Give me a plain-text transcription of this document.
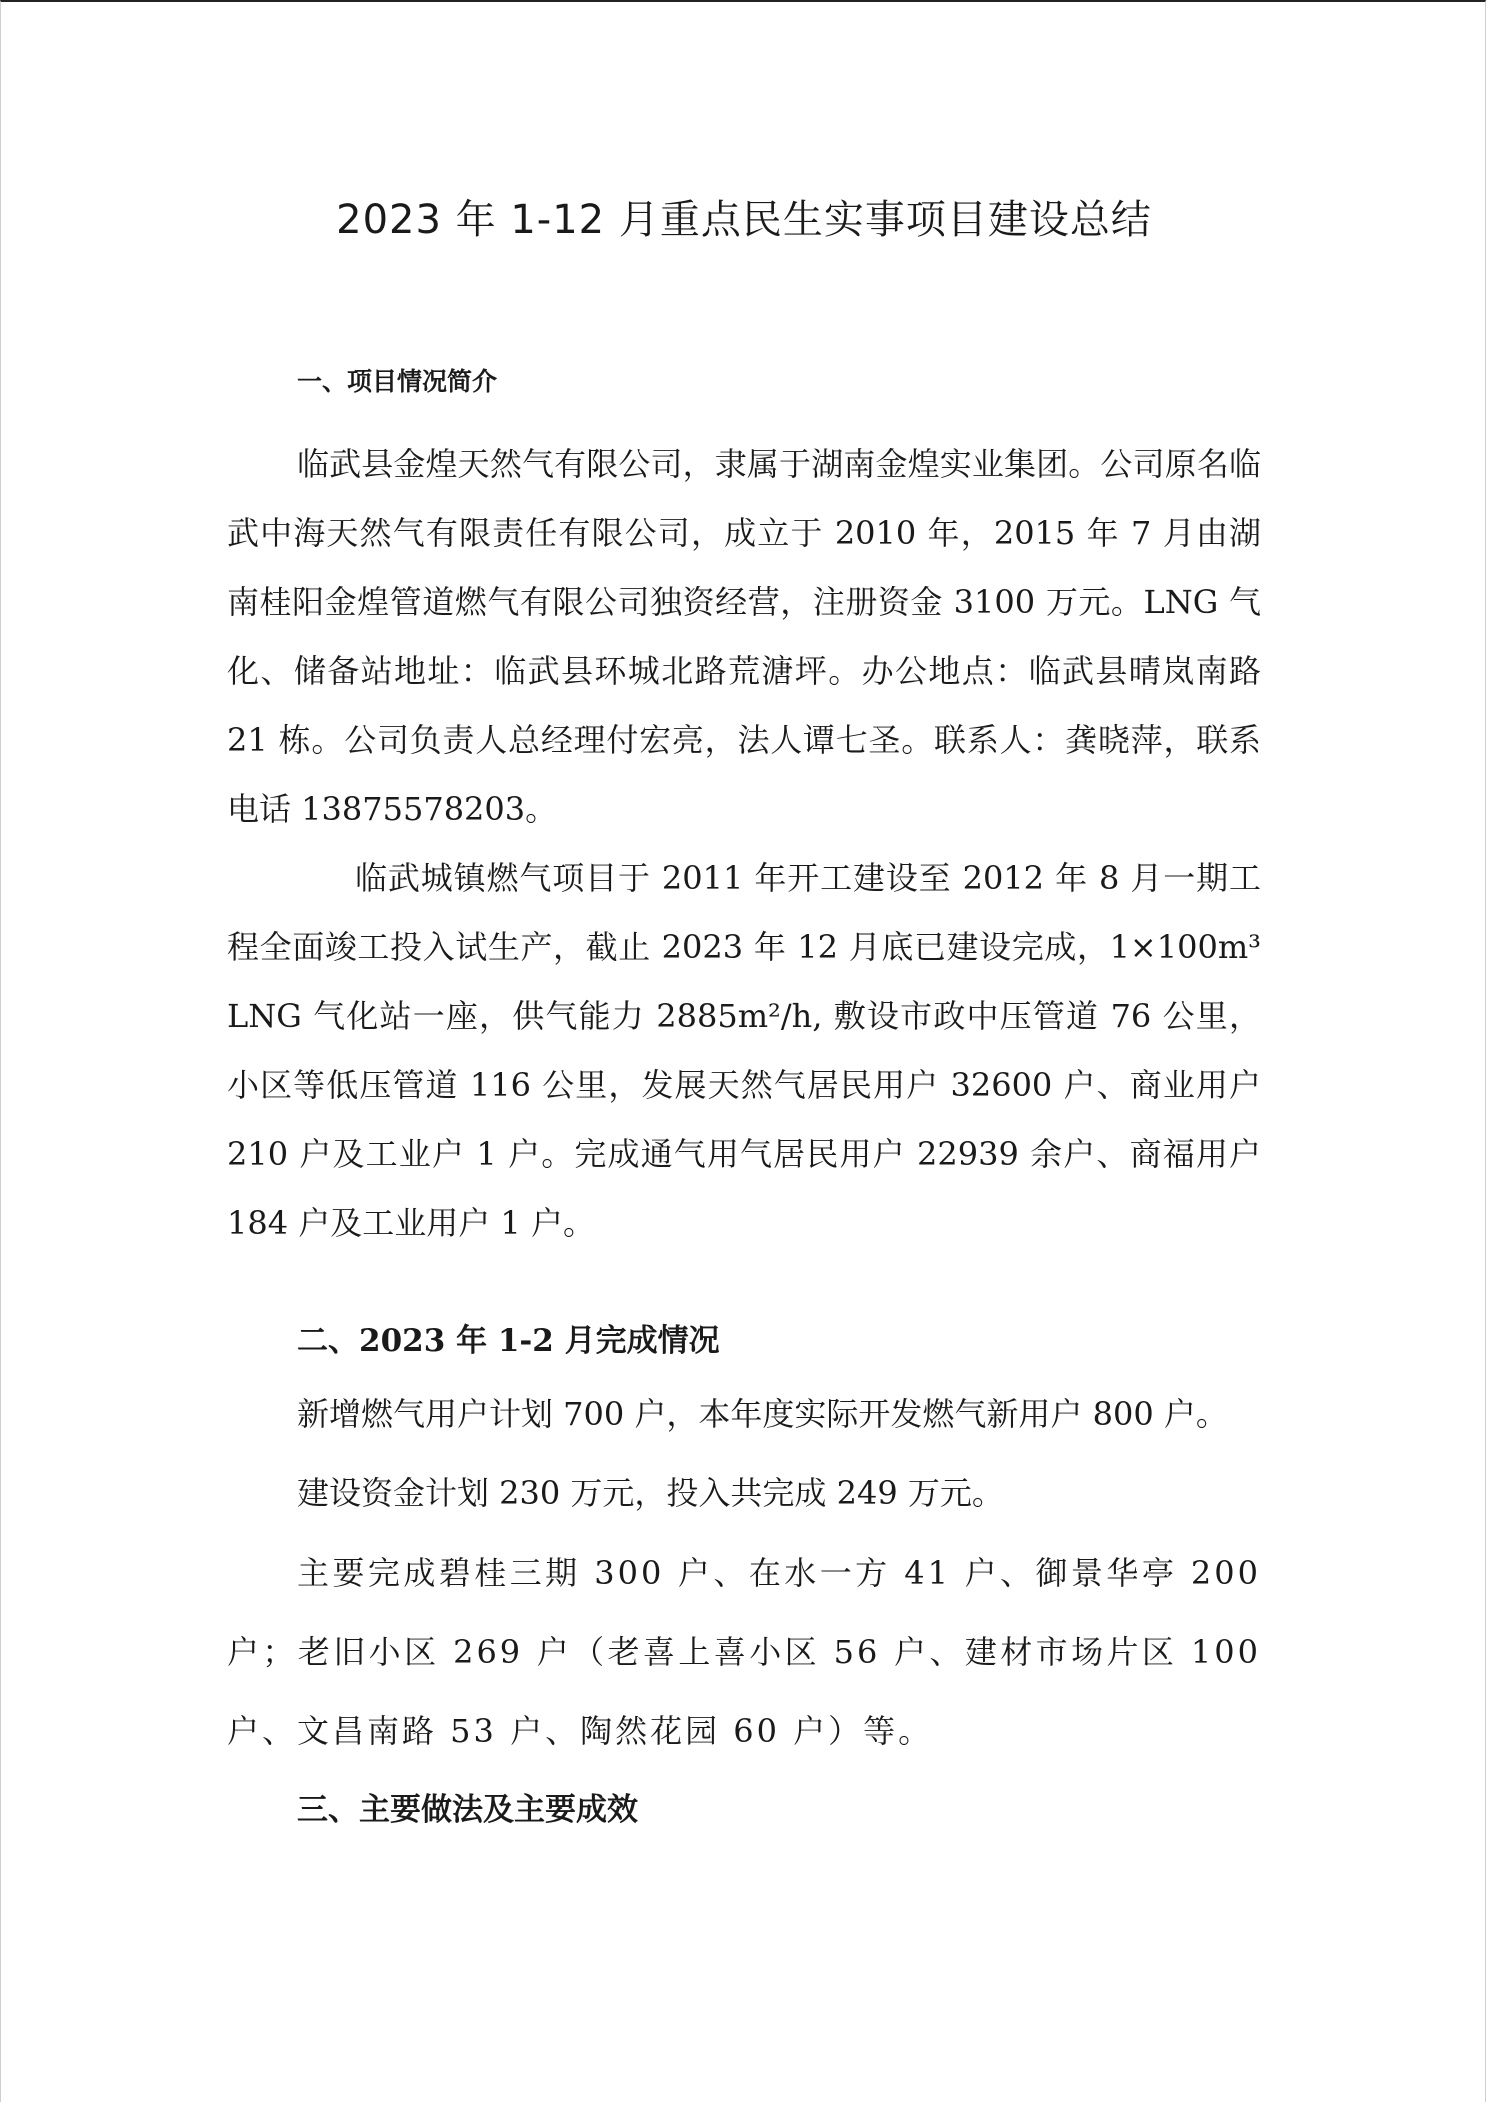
2023 年 1-12 月重点民生实事项目建设总结
一、项目情况简介

临武县金煌天然气有限公司，隶属于湖南金煌实业集团。公司原名临武中海天然气有限责任有限公司，成立于 2010 年，2015 年 7 月由湖南桂阳金煌管道燃气有限公司独资经营，注册资金 3100 万元。LNG 气化、储备站地址：临武县环城北路荒溏坪。办公地点：临武县晴岚南路 21 栋。公司负责人总经理付宏亮，法人谭七圣。联系人：龚晓萍，联系电话 13875578203。

临武城镇燃气项目于 2011 年开工建设至 2012 年 8 月一期工程全面竣工投入试生产，截止 2023 年 12 月底已建设完成，1×100m³ LNG 气化站一座，供气能力 2885m²/h, 敷设市政中压管道 76 公里，小区等低压管道 116 公里，发展天然气居民用户 32600 户、商业用户 210 户及工业户 1 户。完成通气用气居民用户 22939 余户、商福用户 184 户及工业用户 1 户。

二、2023 年 1-2 月完成情况

新增燃气用户计划 700 户，本年度实际开发燃气新用户 800 户。

建设资金计划 230 万元，投入共完成 249 万元。

主要完成碧桂三期 300 户、在水一方 41 户、御景华亭 200 户；老旧小区 269 户（老喜上喜小区 56 户、建材市场片区 100 户、文昌南路 53 户、陶然花园 60 户）等。

三、主要做法及主要成效
